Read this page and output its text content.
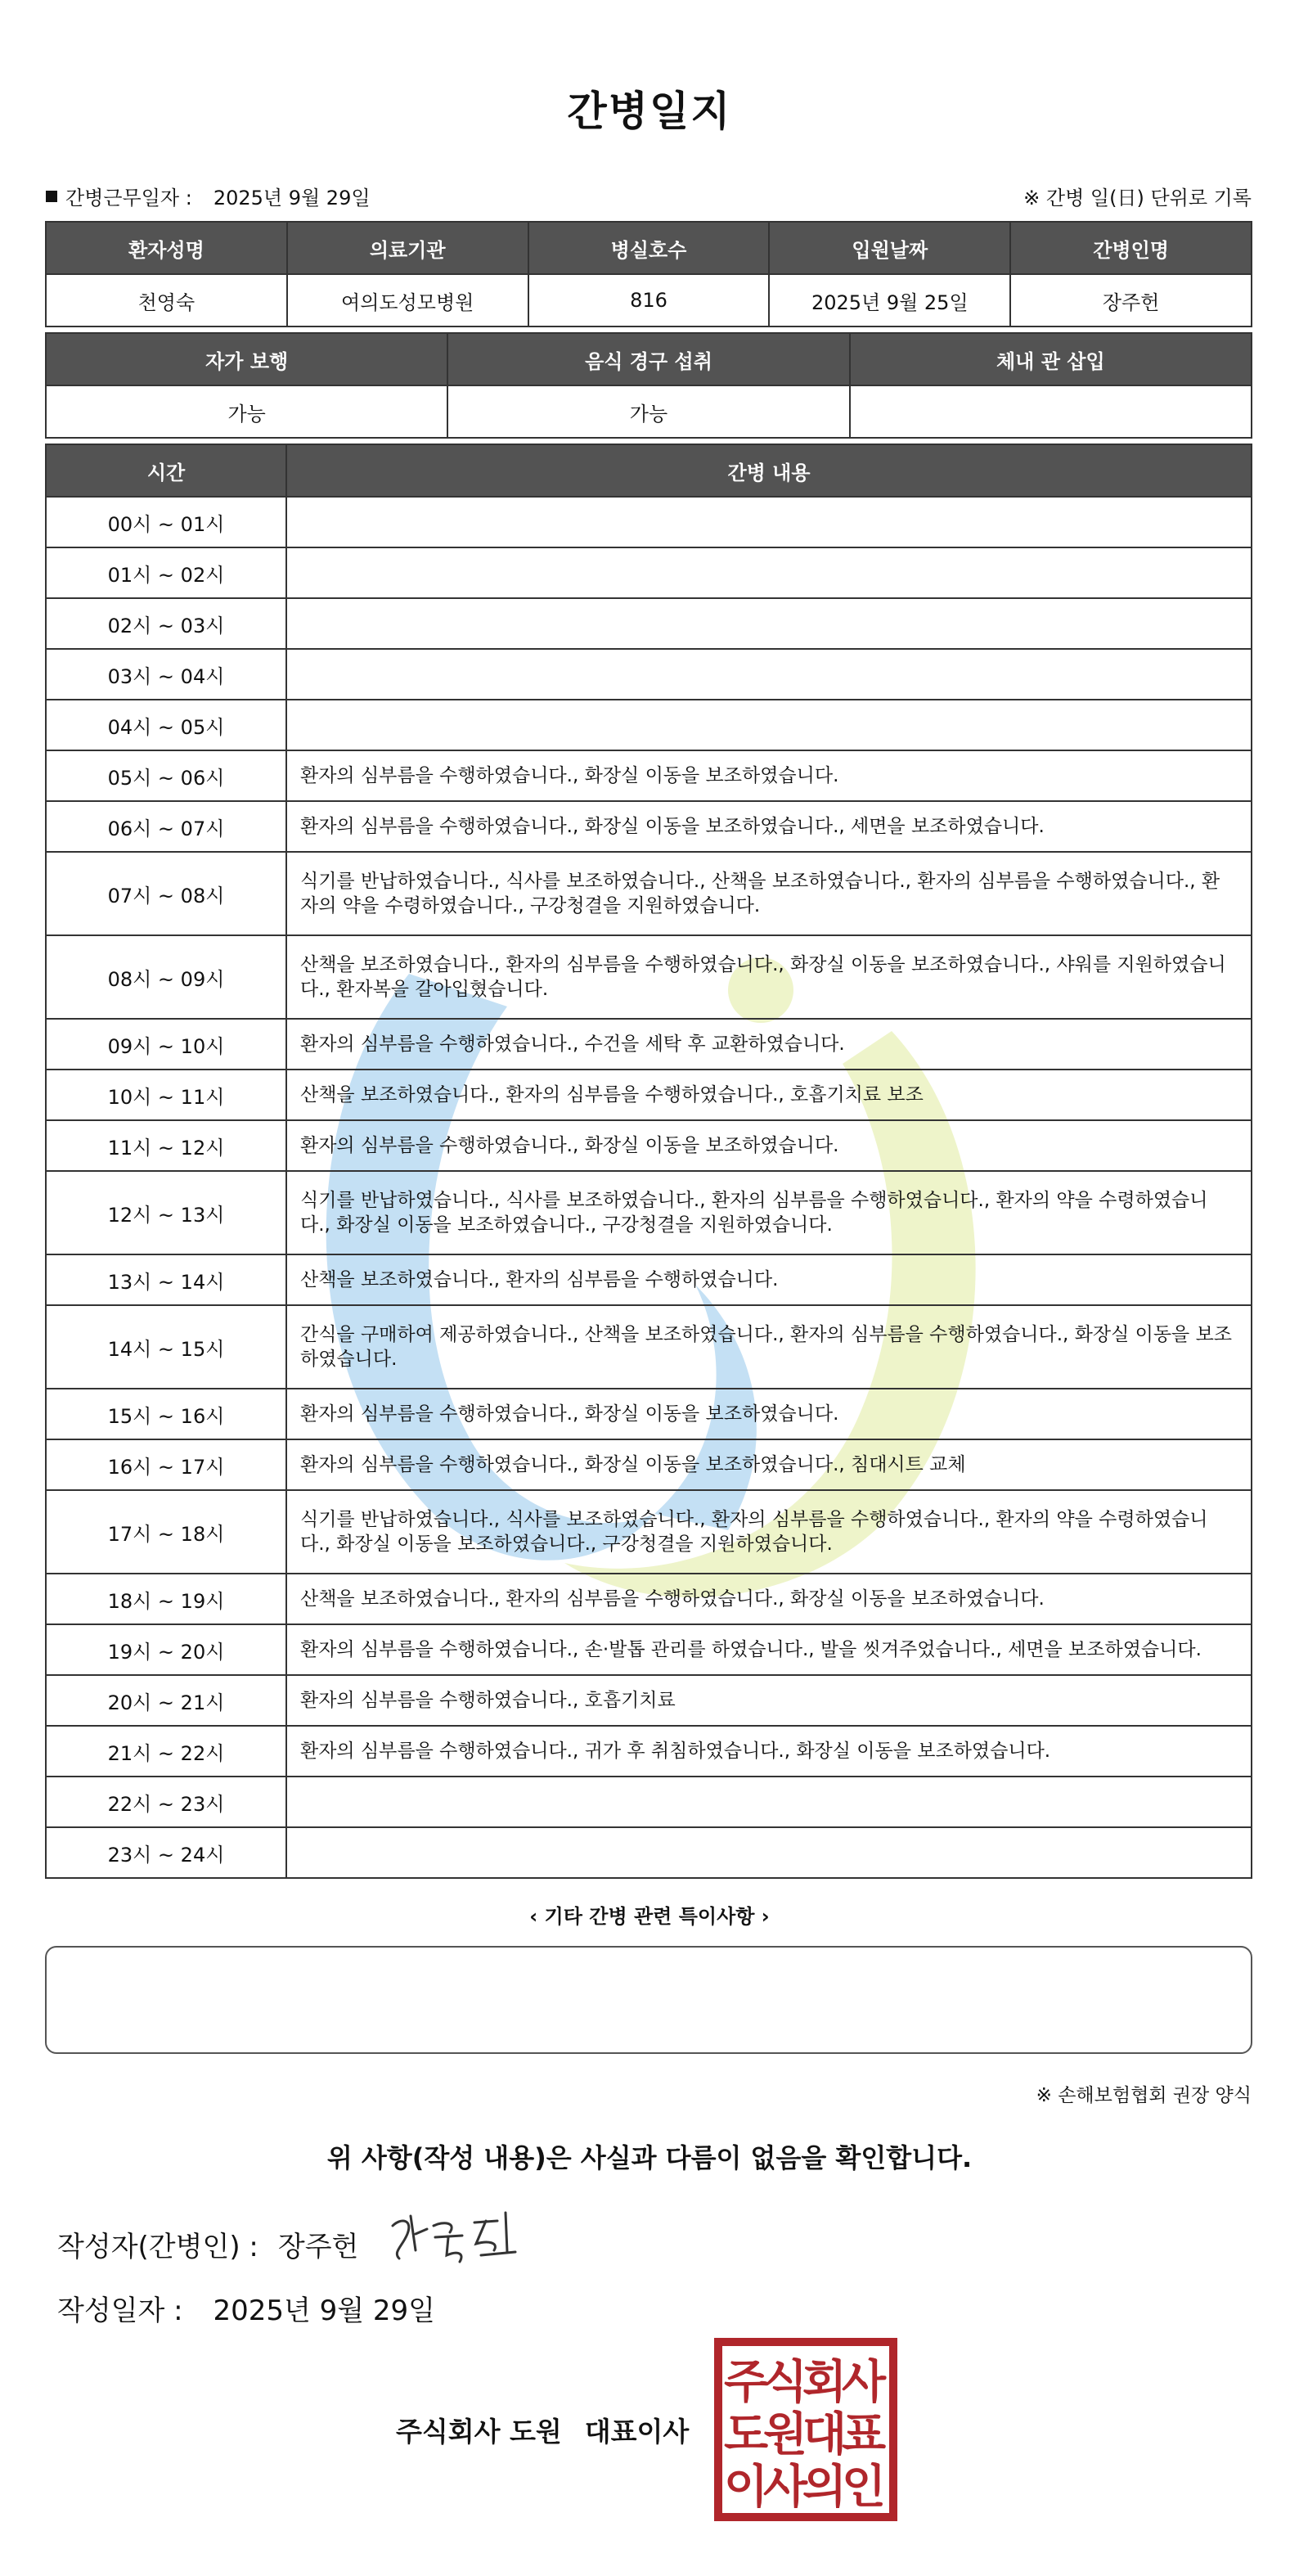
간병일지
간병근무일자 : 2025년 9월 29일	※ 간병 일(日) 단위로 기록
환자성명	의료기관	병실호수	입원날짜	간병인명
천영숙	여의도성모병원	816	2025년 9월 25일	장주헌
자가 보행	음식 경구 섭취	체내 관 삽입
가능	가능	
시간	간병 내용
00시 ~ 01시	
01시 ~ 02시	
02시 ~ 03시	
03시 ~ 04시	
04시 ~ 05시	
05시 ~ 06시	환자의 심부름을 수행하였습니다., 화장실 이동을 보조하였습니다.
06시 ~ 07시	환자의 심부름을 수행하였습니다., 화장실 이동을 보조하였습니다., 세면을 보조하였습니다.
07시 ~ 08시	식기를 반납하였습니다., 식사를 보조하였습니다., 산책을 보조하였습니다., 환자의 심부름을 수행하였습니다., 환자의 약을 수령하였습니다., 구강청결을 지원하였습니다.
08시 ~ 09시	산책을 보조하였습니다., 환자의 심부름을 수행하였습니다., 화장실 이동을 보조하였습니다., 샤워를 지원하였습니다., 환자복을 갈아입혔습니다.
09시 ~ 10시	환자의 심부름을 수행하였습니다., 수건을 세탁 후 교환하였습니다.
10시 ~ 11시	산책을 보조하였습니다., 환자의 심부름을 수행하였습니다., 호흡기치료 보조
11시 ~ 12시	환자의 심부름을 수행하였습니다., 화장실 이동을 보조하였습니다.
12시 ~ 13시	식기를 반납하였습니다., 식사를 보조하였습니다., 환자의 심부름을 수행하였습니다., 환자의 약을 수령하였습니다., 화장실 이동을 보조하였습니다., 구강청결을 지원하였습니다.
13시 ~ 14시	산책을 보조하였습니다., 환자의 심부름을 수행하였습니다.
14시 ~ 15시	간식을 구매하여 제공하였습니다., 산책을 보조하였습니다., 환자의 심부름을 수행하였습니다., 화장실 이동을 보조하였습니다.
15시 ~ 16시	환자의 심부름을 수행하였습니다., 화장실 이동을 보조하였습니다.
16시 ~ 17시	환자의 심부름을 수행하였습니다., 화장실 이동을 보조하였습니다., 침대시트 교체
17시 ~ 18시	식기를 반납하였습니다., 식사를 보조하였습니다., 환자의 심부름을 수행하였습니다., 환자의 약을 수령하였습니다., 화장실 이동을 보조하였습니다., 구강청결을 지원하였습니다.
18시 ~ 19시	산책을 보조하였습니다., 환자의 심부름을 수행하였습니다., 화장실 이동을 보조하였습니다.
19시 ~ 20시	환자의 심부름을 수행하였습니다., 손·발톱 관리를 하였습니다., 발을 씻겨주었습니다., 세면을 보조하였습니다.
20시 ~ 21시	환자의 심부름을 수행하였습니다., 호흡기치료
21시 ~ 22시	환자의 심부름을 수행하였습니다., 귀가 후 취침하였습니다., 화장실 이동을 보조하였습니다.
22시 ~ 23시	
23시 ~ 24시	
‹ 기타 간병 관련 특이사항 ›
※ 손해보험협회 권장 양식
위 사항(작성 내용)은 사실과 다름이 없음을 확인합니다.
작성자(간병인) : 장주헌
작성일자 : 2025년 9월 29일
주식회사 도원 대표이사
주
식
회
사
도
원
대
표
이
사
의
인
